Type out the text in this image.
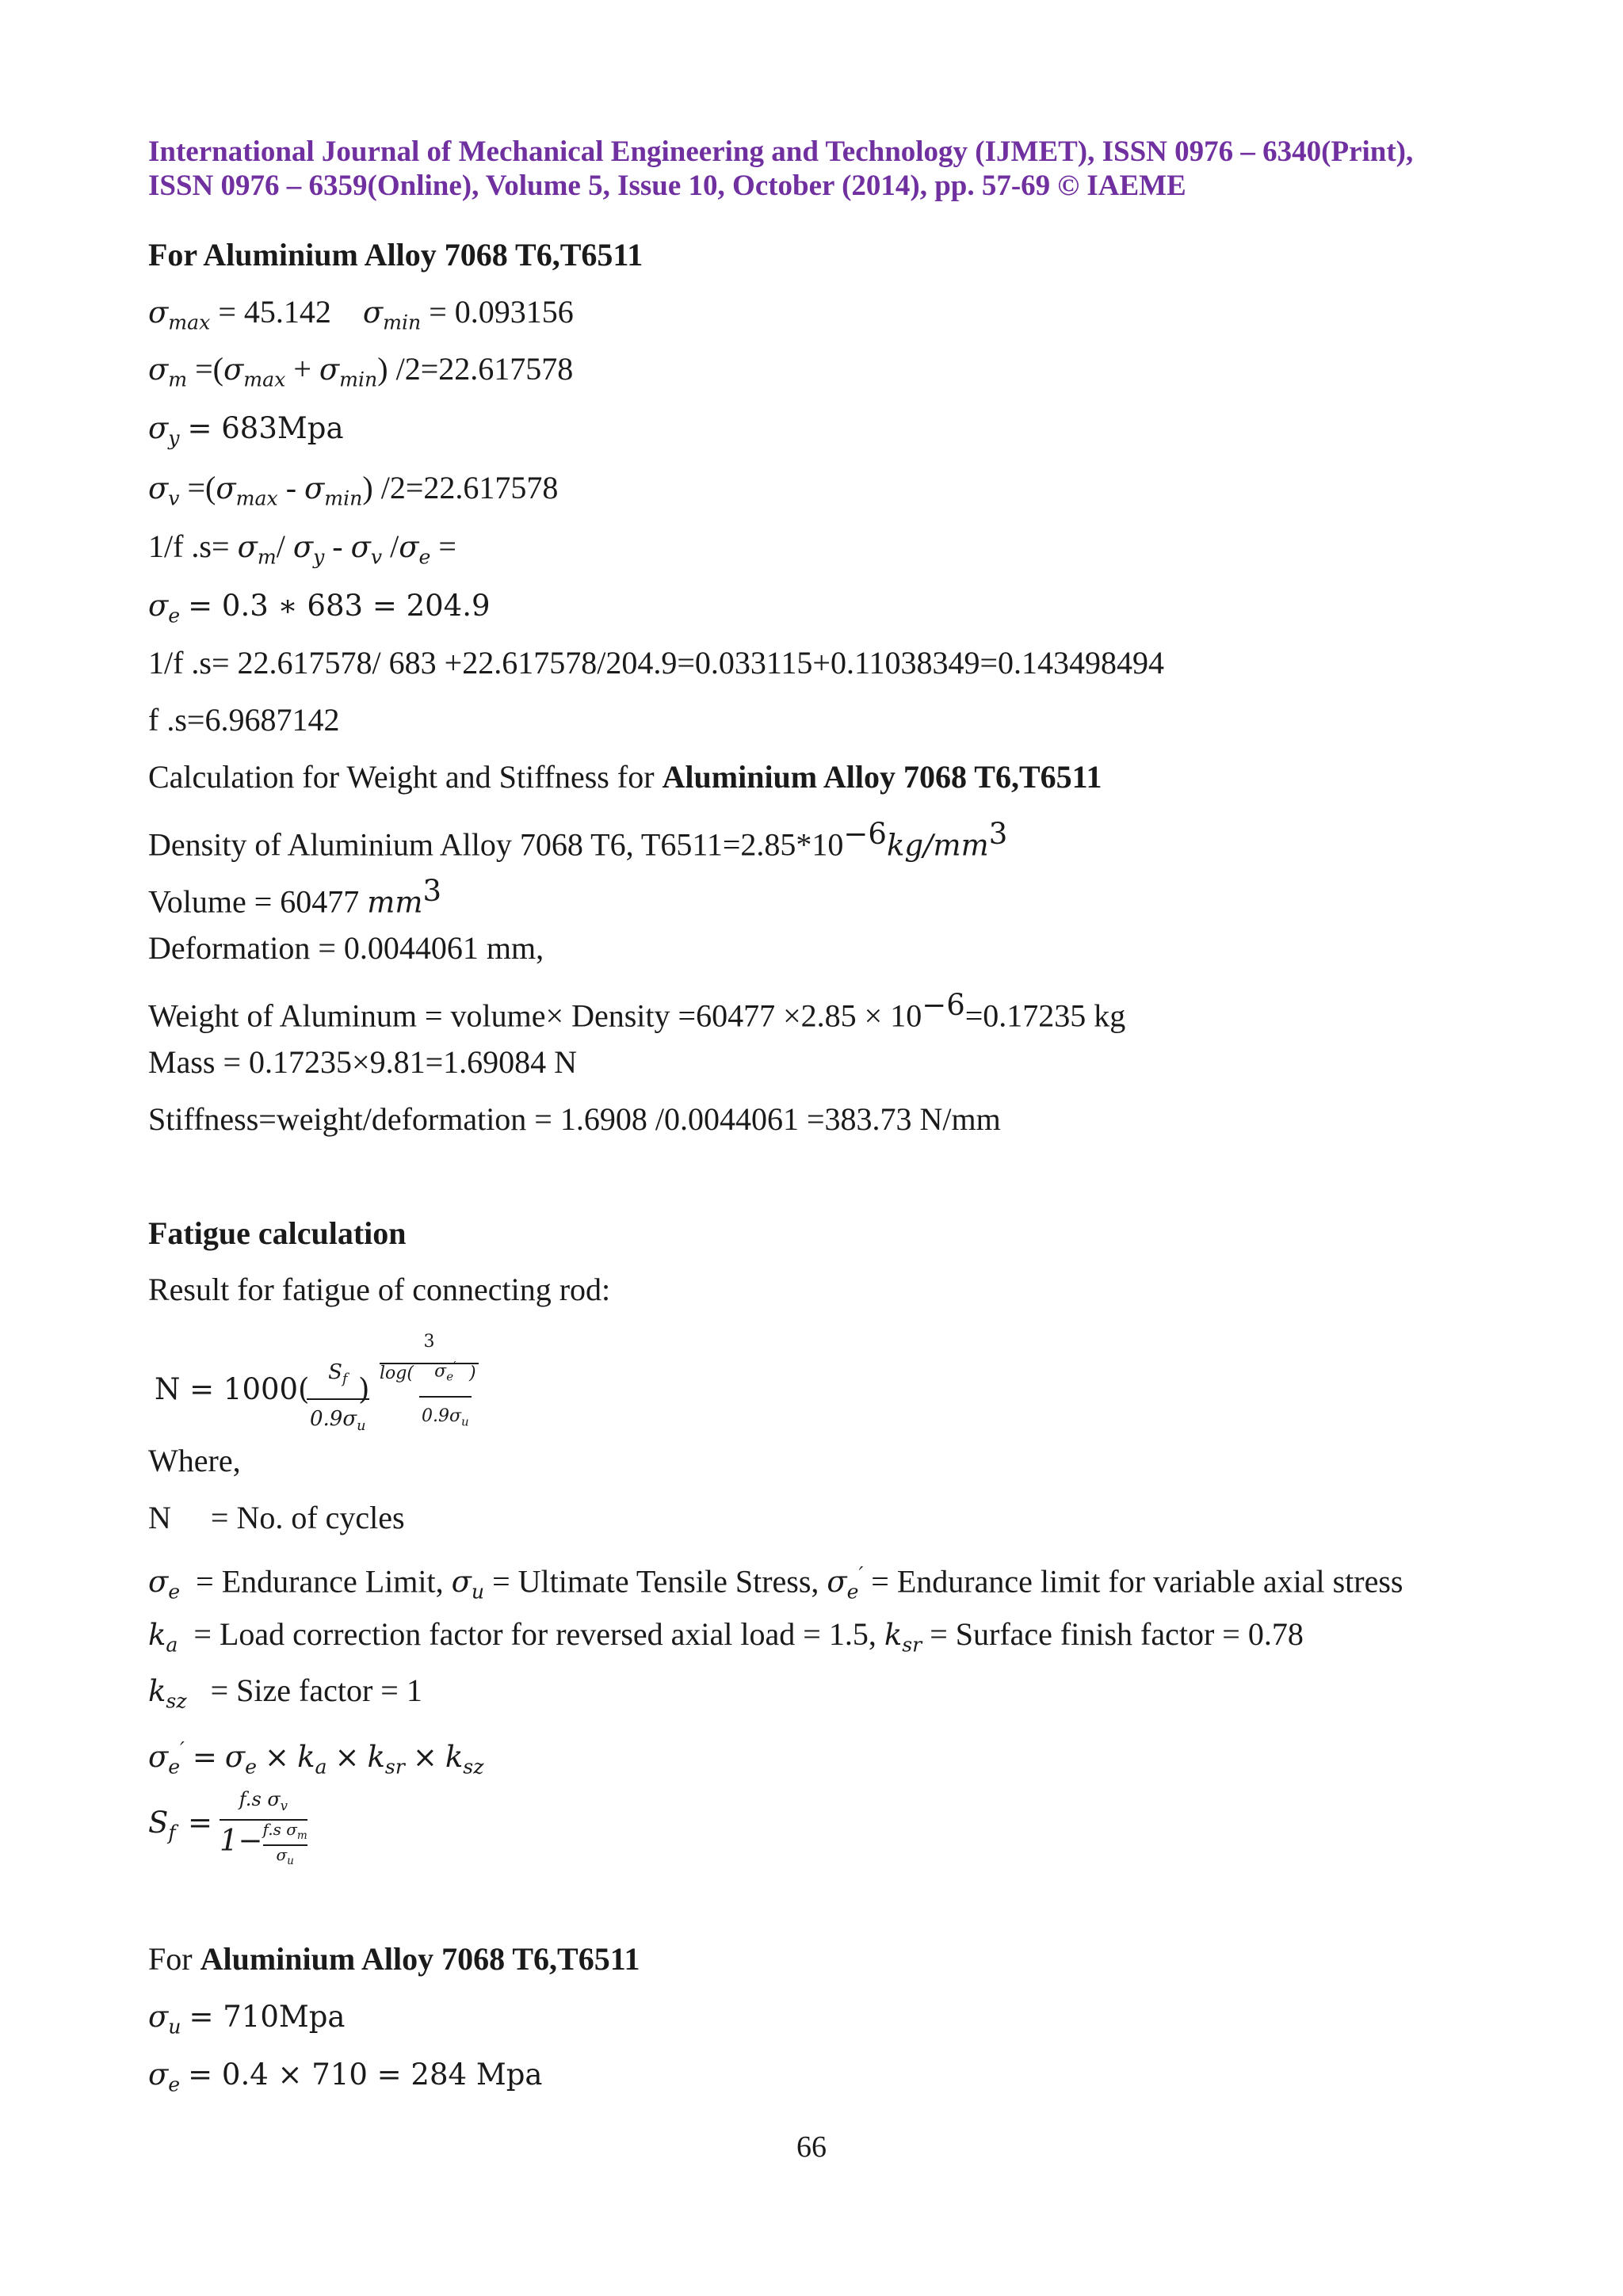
International Journal of Mechanical Engineering and Technology (IJMET), ISSN 0976 – 6340(Print),
ISSN 0976 – 6359(Online), Volume 5, Issue 10, October (2014), pp. 57-69 © IAEME
For Aluminium Alloy 7068 T6,T6511
$\sigma_{max} = 45.142$ $\sigma_{min} = 0.093156$
$\sigma_m =(\sigma_{max} + \sigma_{min})$ /2=22.617578
$\sigma_y = 683Mpa$
$\sigma_v =(\sigma_{max} - \sigma_{min})$ /2=22.617578
1/f $.s= \sigma_m/$ $\sigma_y - \sigma_v$ $/\sigma_e$ =
$\sigma_e = 0.3$ ∗ 683 = 204.9
1/f .s= 22.617578/ 683 +22.617578/204.9=0.033115+0.11038349=0.143498494
f .s=6.9687142
Calculation for Weight and Stiffness for Aluminium Alloy 7068 T6,T6511
Density of Aluminium Alloy 7068 T6, $T6511=2.85*10^{-6}kg/mm^3$
Volume = 60477 $mm^3$
Deformation = 0.0044061 mm,
Weight of Aluminum = volume× Density $=60477 \times 2.85 \times 10^{-6}=0.17235$ kg
Mass = 0.17235×9.81=1.69084 N
Stiffness=weight/deformation = 1.6908 /0.0044061 =383.73 N/mm
Fatigue calculation
Result for fatigue of connecting rod:
N = 1000( $S_f$
$0.9\sigma_u$
)
3
log(	$\sigma_e'$
$0.9\sigma_u$
)
Where,
N = No. of cycles
$\sigma_e$ = Endurance Limit, $\sigma_u$ = Ultimate Tensile Stress, $\sigma_e'$ = Endurance limit for variable axial stress
$k_a$ = Load correction factor for reversed axial load = 1.5, $k_{sr}$ = Surface finish factor = 0.78
$k_{sz}$ = Size factor = 1
$\sigma_e' = \sigma_e \times k_a \times k_{sr} \times k_{sz}$
$S_f$ =
f.s $\sigma_v$
$1- \frac{f.s \sigma_m}{\sigma_u}$
For Aluminium Alloy 7068 T6,T6511
$\sigma_u = 710Mpa$
$\sigma_e = 0.4 \times 710 = 284$ Mpa
66
